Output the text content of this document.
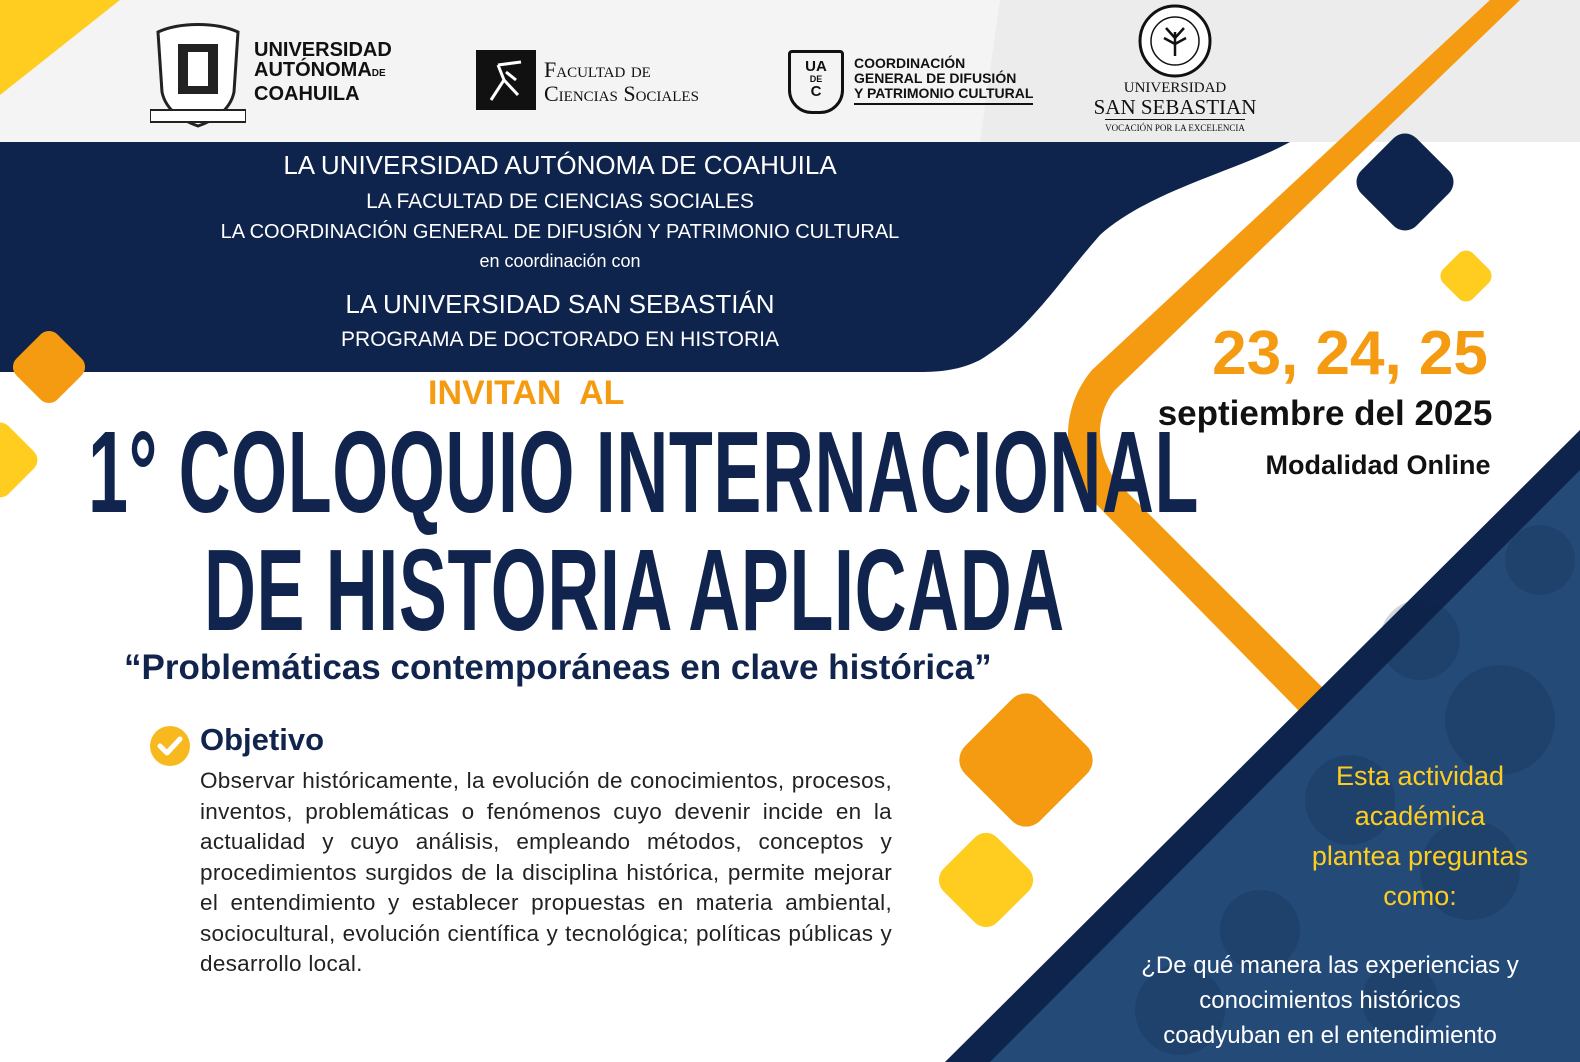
UNIVERSIDAD
AUTÓNOMADE
COAHUILA
Facultad de
Ciencias Sociales
UA
DE
C
COORDINACIÓN
GENERAL DE DIFUSIÓN
Y PATRIMONIO CULTURAL	UNIVERSIDAD
SAN SEBASTIAN
VOCACIÓN POR LA EXCELENCIA
LA UNIVERSIDAD AUTÓNOMA DE COAHUILA
LA FACULTAD DE CIENCIAS SOCIALES
LA COORDINACIÓN GENERAL DE DIFUSIÓN Y PATRIMONIO CULTURAL
en coordinación con
LA UNIVERSIDAD SAN SEBASTIÁN
PROGRAMA DE DOCTORADO EN HISTORIA
INVITAN  AL
1° COLOQUIO INTERNACIONAL
DE HISTORIA APLICADA
“Problemáticas contemporáneas en clave histórica”
Objetivo
Observar históricamente, la evolución de conocimientos, procesos, inventos, problemáticas o fenómenos cuyo devenir incide en la actualidad y cuyo análisis, empleando métodos, conceptos y procedimientos surgidos de la disciplina histórica, permite mejorar el entendimiento y establecer propuestas en materia ambiental, sociocultural, evolución científica y tecnológica; políticas públicas y desarrollo local.
23, 24, 25
septiembre del 2025
Modalidad Online
Esta actividad
académica
plantea preguntas
como:
¿De qué manera las experiencias y
conocimientos históricos
coadyuban en el entendimiento
